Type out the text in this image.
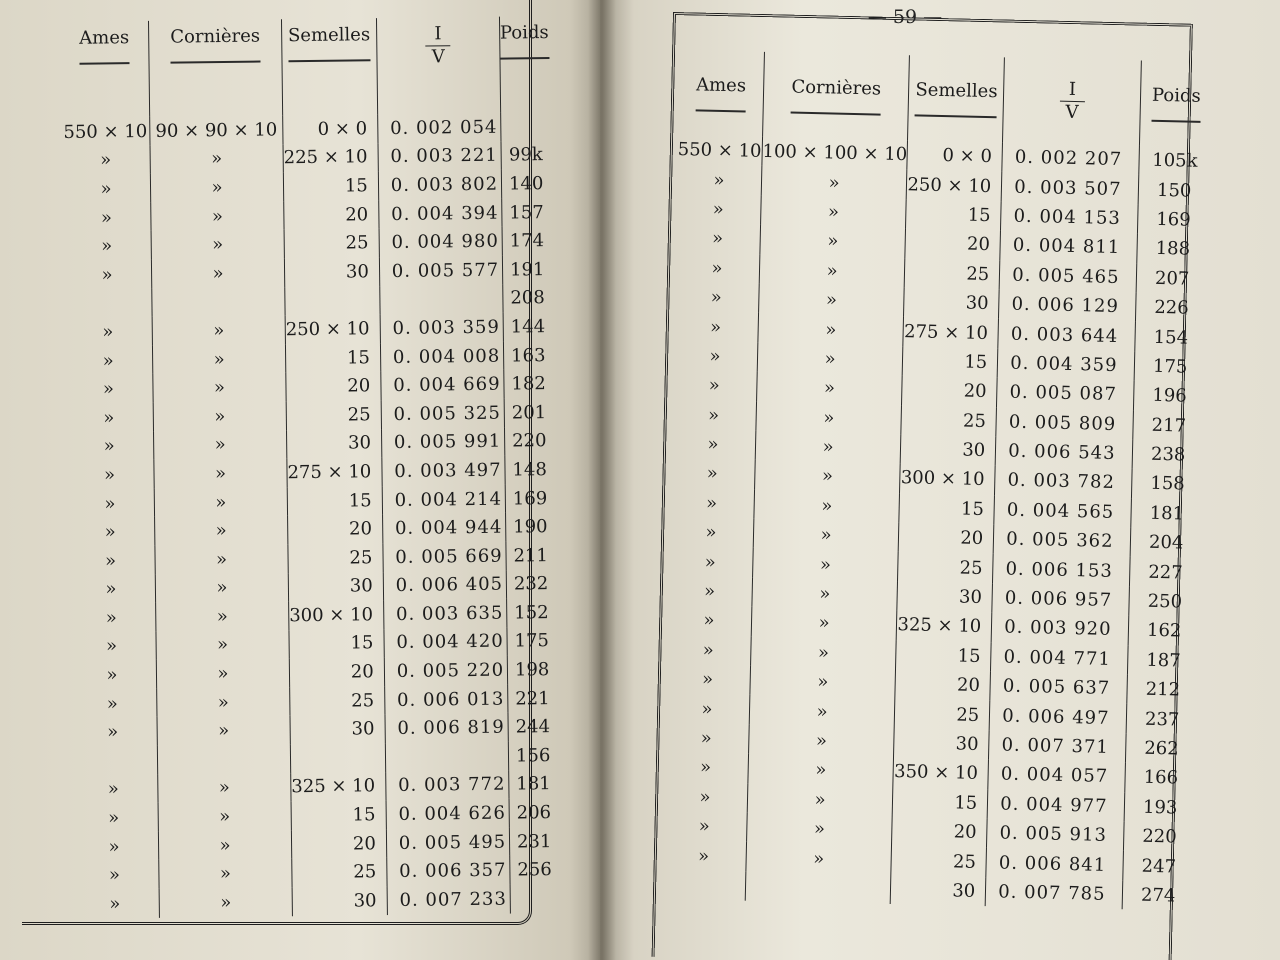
— 59 —
Ames	Cornières	Semelles	$\frac{I}{V}$	Poids
550 × 10	90 × 90 × 10	0 × 0	0. 002 054	
»	»	225 × 10	0. 003 221	99k
»	»	15	0. 003 802	140
»	»	20	0. 004 394	157
»	»	25	0. 004 980	174
»	»	30	0. 005 577	191
				208
»	»	250 × 10	0. 003 359	144
»	»	15	0. 004 008	163
»	»	20	0. 004 669	182
»	»	25	0. 005 325	201
»	»	30	0. 005 991	220
»	»	275 × 10	0. 003 497	148
»	»	15	0. 004 214	169
»	»	20	0. 004 944	190
»	»	25	0. 005 669	211
»	»	30	0. 006 405	232
»	»	300 × 10	0. 003 635	152
»	»	15	0. 004 420	175
»	»	20	0. 005 220	198
»	»	25	0. 006 013	221
»	»	30	0. 006 819	244
				156
»	»	325 × 10	0. 003 772	181
»	»	15	0. 004 626	206
»	»	20	0. 005 495	231
»	»	25	0. 006 357	256
»	»	30	0. 007 233	
Ames	Cornières	Semelles	$\frac{I}{V}$	Poids
550 × 10	100 × 100 × 10	0 × 0	0. 002 207	105k
»	»	250 × 10	0. 003 507	150
»	»	15	0. 004 153	169
»	»	20	0. 004 811	188
»	»	25	0. 005 465	207
»	»	30	0. 006 129	226
»	»	275 × 10	0. 003 644	154
»	»	15	0. 004 359	175
»	»	20	0. 005 087	196
»	»	25	0. 005 809	217
»	»	30	0. 006 543	238
»	»	300 × 10	0. 003 782	158
»	»	15	0. 004 565	181
»	»	20	0. 005 362	204
»	»	25	0. 006 153	227
»	»	30	0. 006 957	250
»	»	325 × 10	0. 003 920	162
»	»	15	0. 004 771	187
»	»	20	0. 005 637	212
»	»	25	0. 006 497	237
»	»	30	0. 007 371	262
»	»	350 × 10	0. 004 057	166
»	»	15	0. 004 977	193
»	»	20	0. 005 913	220
»	»	25	0. 006 841	247
		30	0. 007 785	274
